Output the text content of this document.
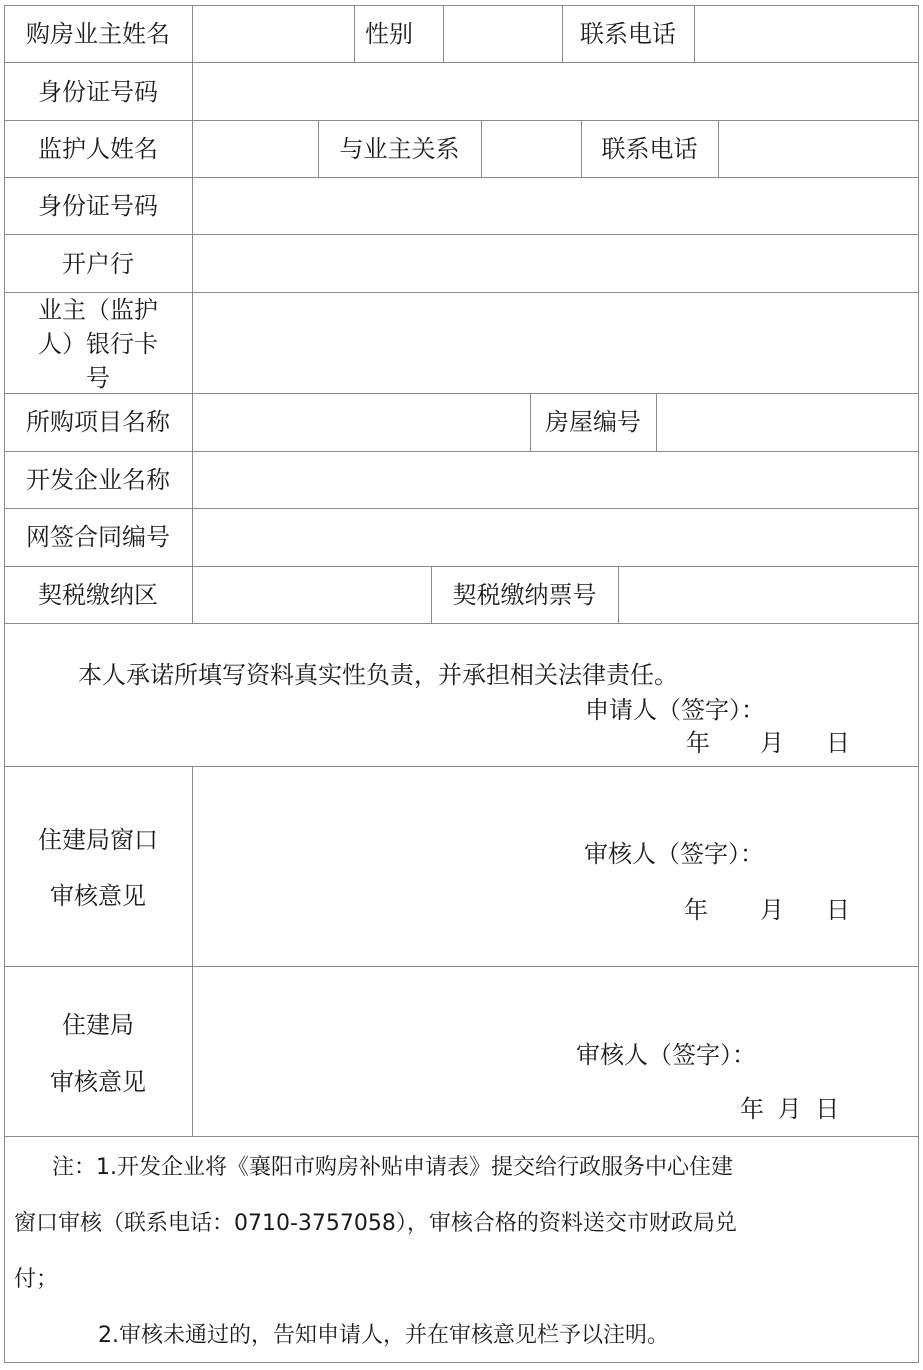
购房业主姓名	性别	联系电话
身份证号码
监护人姓名	与业主关系	联系电话
身份证号码
开户行
业主（监护
人）银行卡
号
所购项目名称	房屋编号
开发企业名称
网签合同编号
契税缴纳区	契税缴纳票号
本人承诺所填写资料真实性负责，并承担相关法律责任。
申请人（签字）：
年 月 日
住建局窗口
审核意见
审核人（签字）：
年 月 日
住建局
审核意见
审核人（签字）：
年 月 日
注：1.开发企业将《襄阳市购房补贴申请表》提交给行政服务中心住建
窗口审核（联系电话：0710-3757058），审核合格的资料送交市财政局兑
付；
2.审核未通过的，告知申请人，并在审核意见栏予以注明。
